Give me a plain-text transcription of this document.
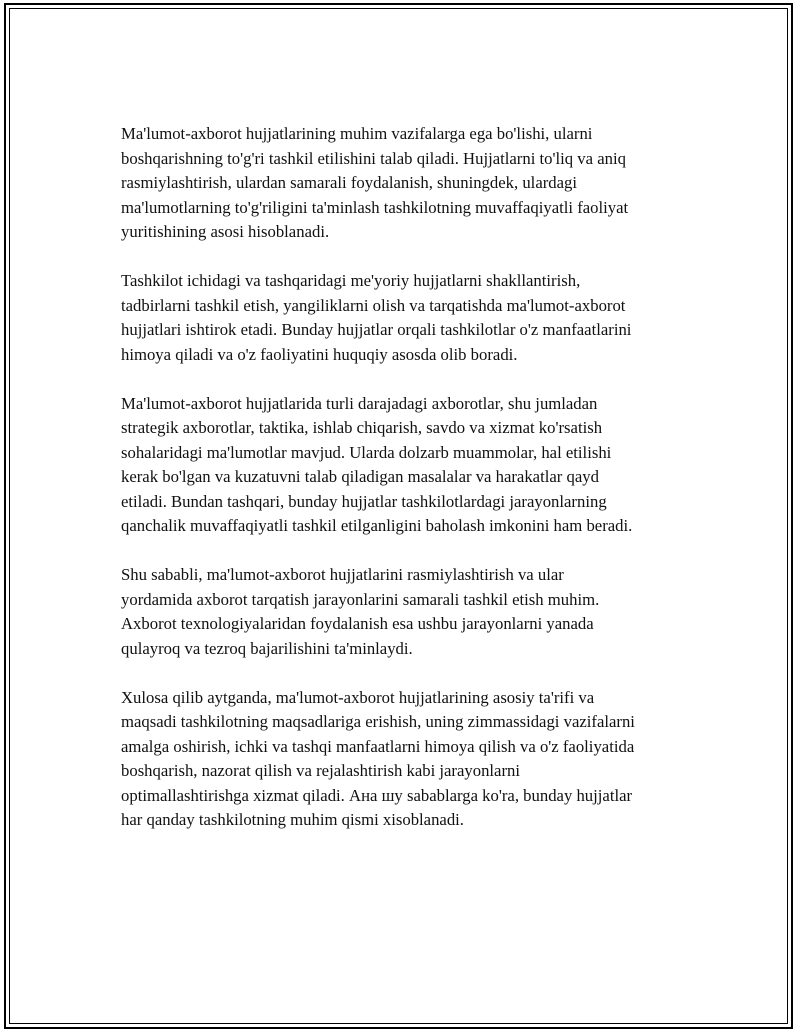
Ma'lumot-axborot hujjatlarining muhim vazifalarga ega bo'lishi, ularni
boshqarishning to'g'ri tashkil etilishini talab qiladi. Hujjatlarni to'liq va aniq
rasmiylashtirish, ulardan samarali foydalanish, shuningdek, ulardagi
ma'lumotlarning to'g'riligini ta'minlash tashkilotning muvaffaqiyatli faoliyat
yuritishining asosi hisoblanadi.

Tashkilot ichidagi va tashqaridagi me'yoriy hujjatlarni shakllantirish,
tadbirlarni tashkil etish, yangiliklarni olish va tarqatishda ma'lumot-axborot
hujjatlari ishtirok etadi. Bunday hujjatlar orqali tashkilotlar o'z manfaatlarini
himoya qiladi va o'z faoliyatini huquqiy asosda olib boradi.

Ma'lumot-axborot hujjatlarida turli darajadagi axborotlar, shu jumladan
strategik axborotlar, taktika, ishlab chiqarish, savdo va xizmat ko'rsatish
sohalaridagi ma'lumotlar mavjud. Ularda dolzarb muammolar, hal etilishi
kerak bo'lgan va kuzatuvni talab qiladigan masalalar va harakatlar qayd
etiladi. Bundan tashqari, bunday hujjatlar tashkilotlardagi jarayonlarning
qanchalik muvaffaqiyatli tashkil etilganligini baholash imkonini ham beradi.

Shu sababli, ma'lumot-axborot hujjatlarini rasmiylashtirish va ular
yordamida axborot tarqatish jarayonlarini samarali tashkil etish muhim.
Axborot texnologiyalaridan foydalanish esa ushbu jarayonlarni yanada
qulayroq va tezroq bajarilishini ta'minlaydi.

Xulosa qilib aytganda, ma'lumot-axborot hujjatlarining asosiy ta'rifi va
maqsadi tashkilotning maqsadlariga erishish, uning zimmassidagi vazifalarni
amalga oshirish, ichki va tashqi manfaatlarni himoya qilish va o'z faoliyatida
boshqarish, nazorat qilish va rejalashtirish kabi jarayonlarni
optimallashtirishga xizmat qiladi. Ана шу sabablarga ko'ra, bunday hujjatlar
har qanday tashkilotning muhim qismi xisoblanadi.
